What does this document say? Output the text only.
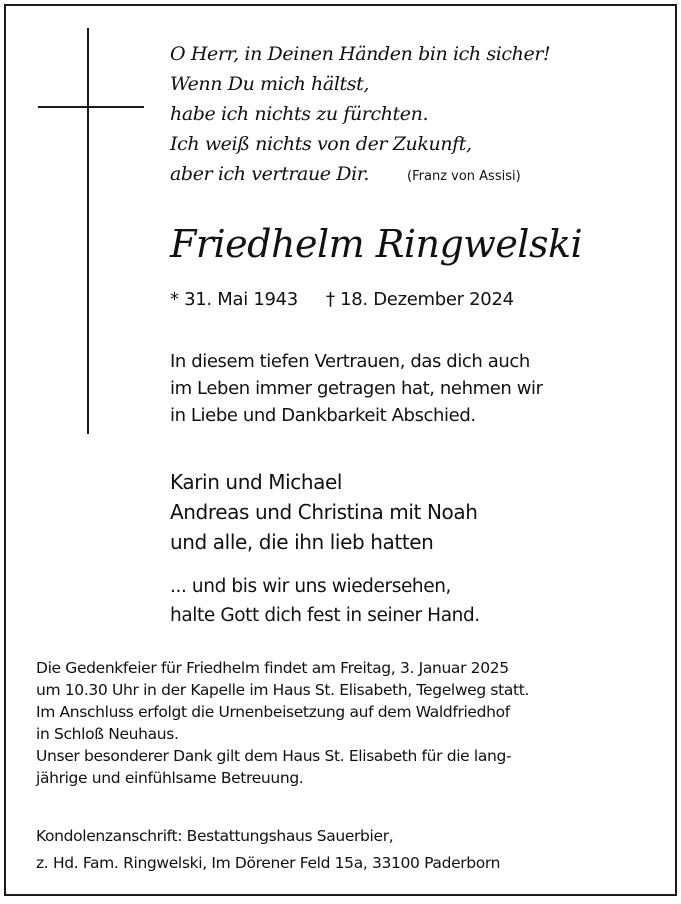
O Herr, in Deinen Händen bin ich sicher!
Wenn Du mich hältst,
habe ich nichts zu fürchten.
Ich weiß nichts von der Zukunft,
aber ich vertraue Dir.	(Franz von Assisi)
Friedhelm Ringwelski
* 31. Mai 1943 † 18. Dezember 2024
In diesem tiefen Vertrauen, das dich auch
im Leben immer getragen hat, nehmen wir
in Liebe und Dankbarkeit Abschied.
Karin und Michael
Andreas und Christina mit Noah
und alle, die ihn lieb hatten
... und bis wir uns wiedersehen,
halte Gott dich fest in seiner Hand.
Die Gedenkfeier für Friedhelm findet am Freitag, 3. Januar 2025
um 10.30 Uhr in der Kapelle im Haus St. Elisabeth, Tegelweg statt.
Im Anschluss erfolgt die Urnenbeisetzung auf dem Waldfriedhof
in Schloß Neuhaus.
Unser besonderer Dank gilt dem Haus St. Elisabeth für die lang-
jährige und einfühlsame Betreuung.
Kondolenzanschrift: Bestattungshaus Sauerbier,
z. Hd. Fam. Ringwelski, Im Dörener Feld 15a, 33100 Paderborn
